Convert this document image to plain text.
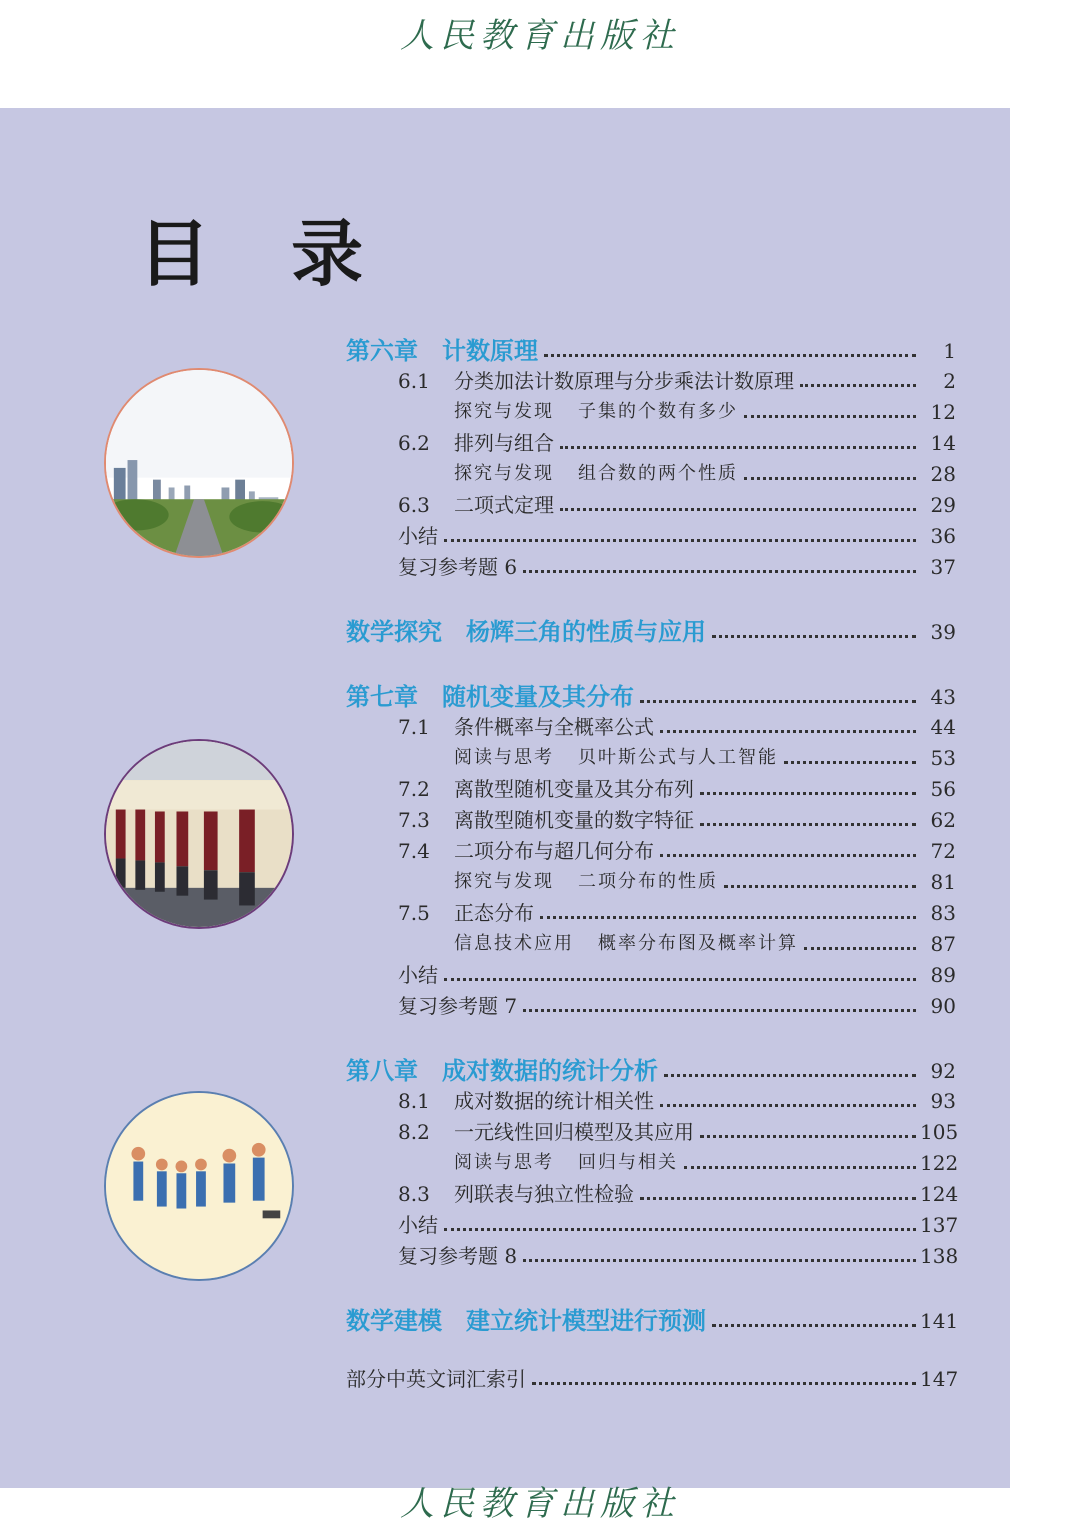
人民教育出版社
目 录
第六章 计数原理	1
6.1	分类加法计数原理与分步乘法计数原理	2
探究与发现 子集的个数有多少	12
6.2	排列与组合	14
探究与发现 组合数的两个性质	28
6.3	二项式定理	29
小结	36
复习参考题 6	37
数学探究 杨辉三角的性质与应用	39
第七章 随机变量及其分布	43
7.1	条件概率与全概率公式	44
阅读与思考 贝叶斯公式与人工智能	53
7.2	离散型随机变量及其分布列	56
7.3	离散型随机变量的数字特征	62
7.4	二项分布与超几何分布	72
探究与发现 二项分布的性质	81
7.5	正态分布	83
信息技术应用 概率分布图及概率计算	87
小结	89
复习参考题 7	90
第八章 成对数据的统计分析	92
8.1	成对数据的统计相关性	93
8.2	一元线性回归模型及其应用	105
阅读与思考 回归与相关	122
8.3	列联表与独立性检验	124
小结	137
复习参考题 8	138
数学建模 建立统计模型进行预测	141
部分中英文词汇索引	147
人民教育出版社
